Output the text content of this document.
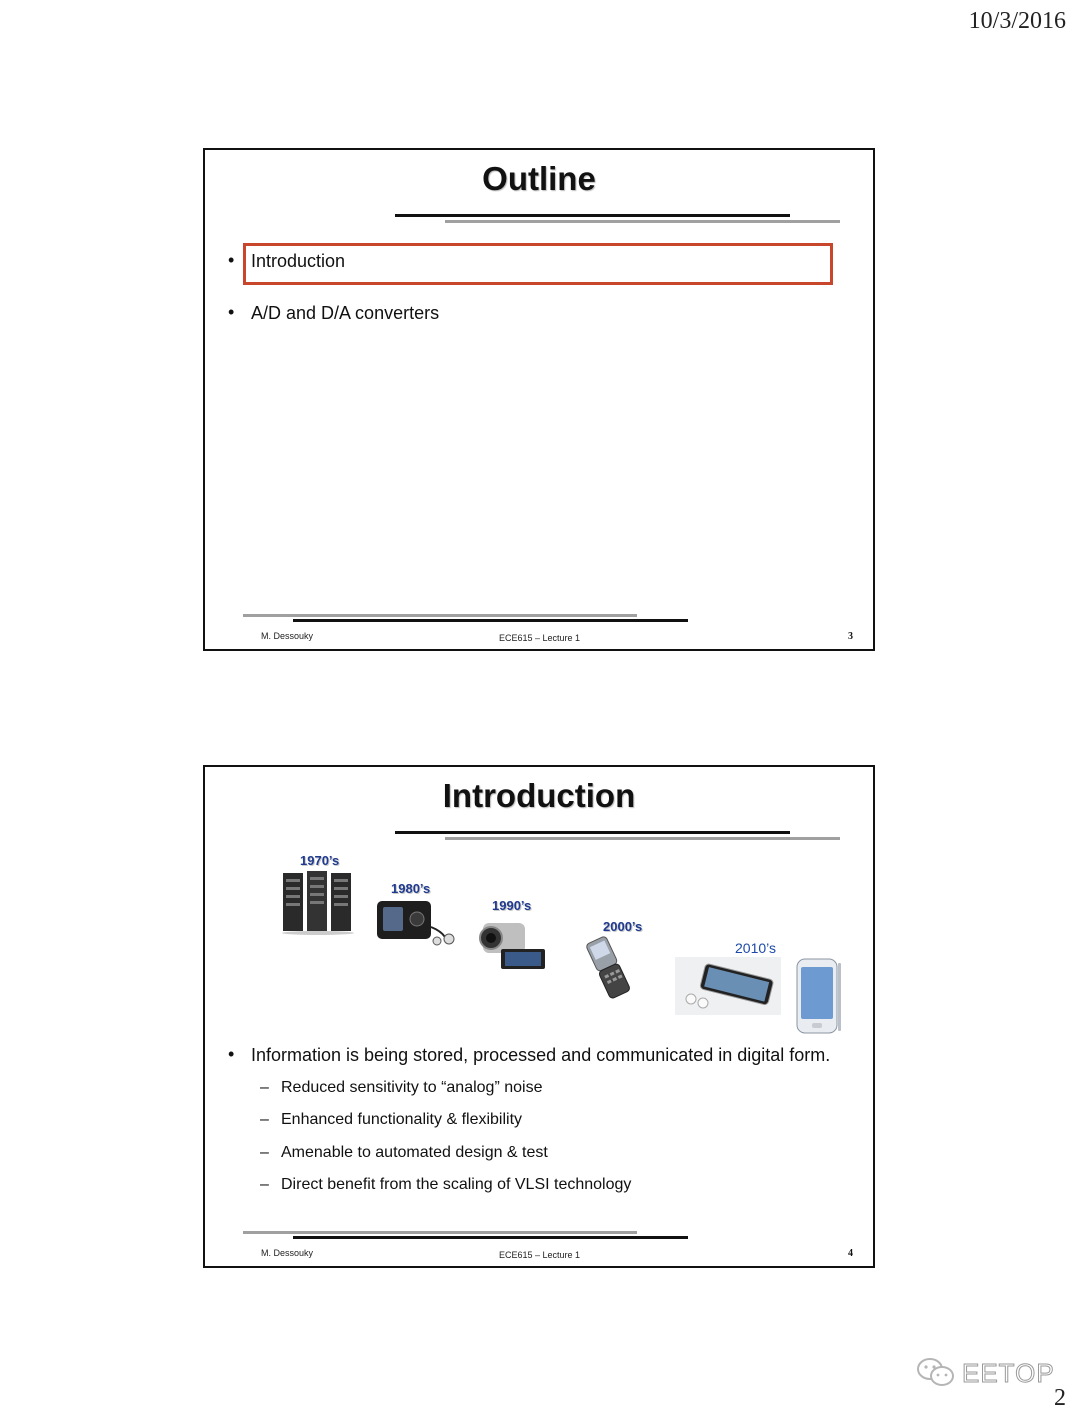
10/3/2016
Outline
• Introduction
• A/D and D/A converters
M. Dessouky	ECE615 – Lecture 1	3
Introduction
1970’s
1980’s
1990’s
2000’s
2010’s
• Information is being stored, processed and communicated in digital form.
– Reduced sensitivity to “analog” noise
– Enhanced functionality & flexibility
– Amenable to automated design & test
– Direct benefit from the scaling of VLSI technology
M. Dessouky	ECE615 – Lecture 1	4
EETOP
2
